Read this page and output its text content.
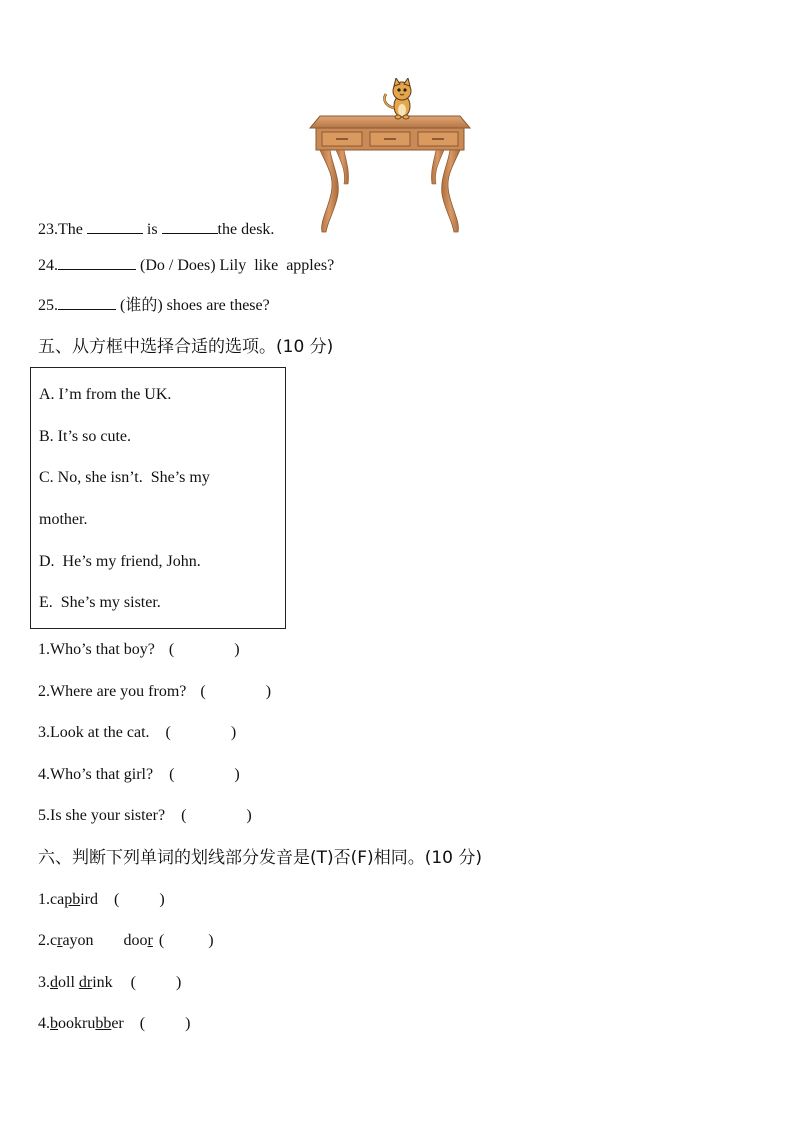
23.The	is	the desk.
24.	(Do / Does) Lily  like  apples?
25.	(谁的) shoes are these?
五、从方框中选择合适的选项。(10 分)
A. I’m from the UK.
B. It’s so cute.
C. No, she isn’t.  She’s my
mother.
D.  He’s my friend, John.
E.  She’s my sister.
1.Who’s that boy? (	)
2.Where are you from? (	)
3.Look at the cat. (	)
4.Who’s that girl? (	)
5.Is she your sister? (	)
六、判断下列单词的划线部分发音是(T)否(F)相同。(10 分)
1.capbird (	)
2.crayon door (	)
3.doll drink (	)
4.bookrubber (	)
